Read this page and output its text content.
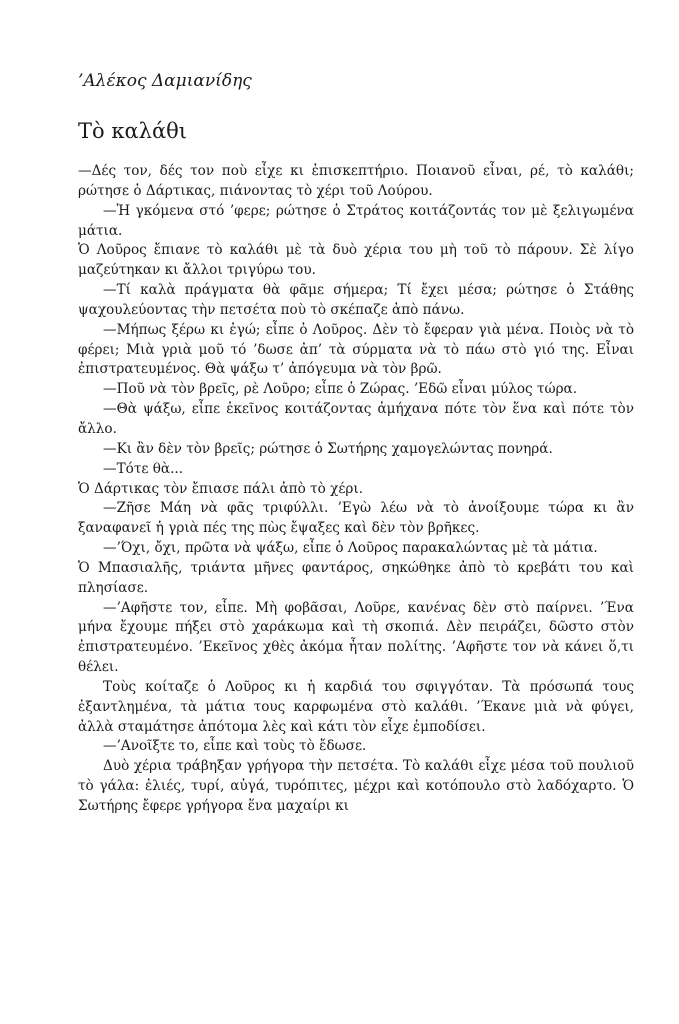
’Αλέκος Δαμιανίδης

Τὸ καλάθι

—Δές τον, δές τον ποὺ εἶχε κι ἐπισκεπτήριο. Ποιανοῦ εἶναι, ρέ, τὸ καλάθι; ρώτησε ὁ Δάρτικας, πιάνοντας τὸ χέρι τοῦ Λούρου.

—Ἡ γκόμενα στό ’φερε; ρώτησε ὁ Στράτος κοιτάζοντάς τον μὲ ξελιγωμένα μάτια.

Ὁ Λοῦρος ἔπιανε τὸ καλάθι μὲ τὰ δυὸ χέρια του μὴ τοῦ τὸ πάρουν. Σὲ λίγο μαζεύτηκαν κι ἄλλοι τριγύρω του.

—Τί καλὰ πράγματα θὰ φᾶμε σήμερα; Τί ἔχει μέσα; ρώτησε ὁ Στάθης ψαχουλεύοντας τὴν πετσέτα ποὺ τὸ σκέπαζε ἀπὸ πάνω.

—Μήπως ξέρω κι ἐγώ; εἶπε ὁ Λοῦρος. Δὲν τὸ ἔφεραν γιὰ μένα. Ποιὸς νὰ τὸ φέρει; Μιὰ γριὰ μοῦ τό ’δωσε ἀπ’ τὰ σύρματα νὰ τὸ πάω στὸ γιό της. Εἶναι ἐπιστρατευμένος. Θὰ ψάξω τ’ ἀπόγευμα νὰ τὸν βρῶ.

—Ποῦ νὰ τὸν βρεῖς, ρὲ Λοῦρο; εἶπε ὁ Ζώρας. ’Εδῶ εἶναι μύλος τώρα.

—Θὰ ψάξω, εἶπε ἐκεῖνος κοιτάζοντας ἀμήχανα πότε τὸν ἕνα καὶ πότε τὸν ἄλλο.

—Κι ἂν δὲν τὸν βρεῖς; ρώτησε ὁ Σωτήρης χαμογελώντας πονηρά.

—Τότε θὰ...

Ὁ Δάρτικας τὸν ἔπιασε πάλι ἀπὸ τὸ χέρι.

—Ζῆσε Μάη νὰ φᾶς τριφύλλι. ’Εγὼ λέω νὰ τὸ ἀνοίξουμε τώρα κι ἂν ξαναφανεῖ ἡ γριὰ πές της πὼς ἔψαξες καὶ δὲν τὸν βρῆκες.

—’Όχι, ὄχι, πρῶτα νὰ ψάξω, εἶπε ὁ Λοῦρος παρακαλώντας μὲ τὰ μάτια.

Ὁ Μπασιαλῆς, τριάντα μῆνες φαντάρος, σηκώθηκε ἀπὸ τὸ κρεβάτι του καὶ πλησίασε.

—’Αφῆστε τον, εἶπε. Μὴ φοβᾶσαι, Λοῦρε, κανένας δὲν στὸ παίρνει. ’Ένα μήνα ἔχουμε πήξει στὸ χαράκωμα καὶ τὴ σκοπιά. Δὲν πειράζει, δῶστο στὸν ἐπιστρατευμένο. ’Εκεῖνος χθὲς ἀκόμα ἦταν πολίτης. ’Αφῆστε τον νὰ κάνει ὅ,τι θέλει.

Τοὺς κοίταζε ὁ Λοῦρος κι ἡ καρδιά του σφιγγόταν. Τὰ πρόσωπά τους ἐξαντλημένα, τὰ μάτια τους καρφωμένα στὸ καλάθι. ’Έκανε μιὰ νὰ φύγει, ἀλλὰ σταμάτησε ἀπότομα λὲς καὶ κάτι τὸν εἶχε ἐμποδίσει.

—’Ανοῖξτε το, εἶπε καὶ τοὺς τὸ ἔδωσε.

Δυὸ χέρια τράβηξαν γρήγορα τὴν πετσέτα. Τὸ καλάθι εἶχε μέσα τοῦ πουλιοῦ τὸ γάλα: ἐλιές, τυρί, αὐγά, τυρόπιτες, μέχρι καὶ κοτόπουλο στὸ λαδόχαρτο. Ὁ Σωτήρης ἔφερε γρήγορα ἕνα μαχαίρι κι
